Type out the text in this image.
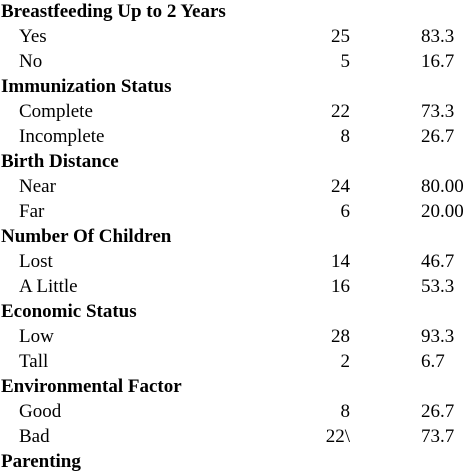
Breastfeeding Up to 2 Years
Yes	25	83.3
No	5	16.7
Immunization Status
Complete	22	73.3
Incomplete	8	26.7
Birth Distance
Near	24	80.00
Far	6	20.00
Number Of Children
Lost	14	46.7
A Little	16	53.3
Economic Status
Low	28	93.3
Tall	2	6.7
Environmental Factor
Good	8	26.7
Bad	22\	73.7
Parenting
